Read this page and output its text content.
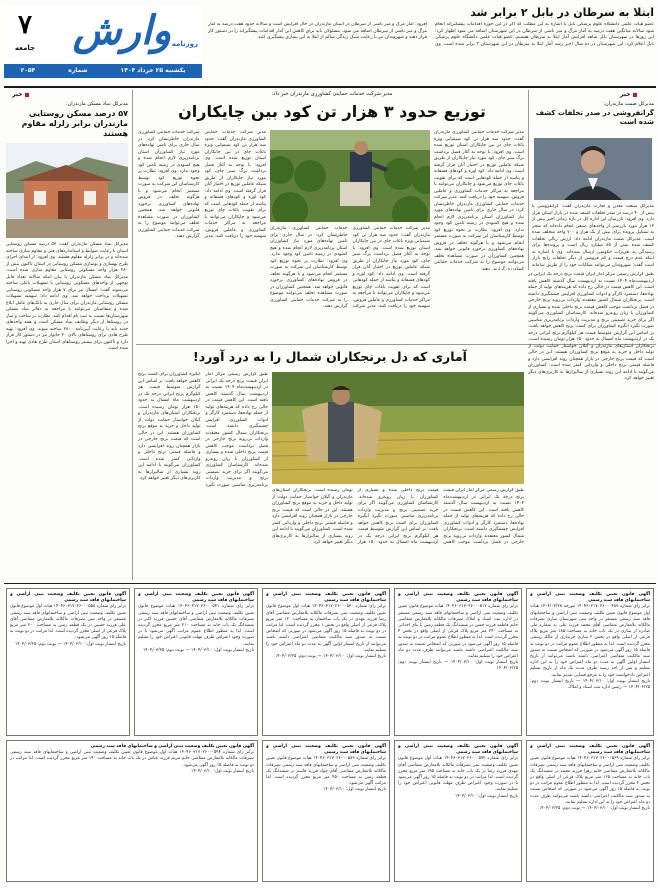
۷
جامعه وارش روزنامه
یکشنبه ۲۵ خرداد ۱۴۰۴
شماره
۲۰۵۴
ابتلا به سرطان در بابل ۲ برابر شد
عضو هیات علمی دانشگاه علوم پزشکی بابل با اشاره به این مطلب که اگر در این حوزه اقدامات پیشگیرانه انجام شود سالانه میانگین هفت درصد به آمار مرگ و میر ناشی از سرطان در این شهرستان اضافه می شود اظهار کرد: این روزها در شهرستان بابل شاهد افزایش آمار ابتلا به سرطان هستیم. عضو هیات علمی دانشگاه علوم پزشکی بابل اعلام کرد: این شهرستان در ده سال اخیر رشد آمار ابتلا به سرطان در این شهرستان ۲ برابر شده است. وی افزود: آمار مرگ و میر ناشی از سرطان در استان مازندران در حال افزایش است و سالانه حدود هفت درصد به آمار مرگ و میر ناشی از سرطان اضافه می شود. مسئولان باید برای کاهش این آمار اقدامات پیشگیرانه را در دستور کار قرار دهند و شهروندان نیز با رعایت سبک زندگی سالم از ابتلا به این بیماری پیشگیری کنند.
خبر
مدیرکل بنیاد مسکن مازندران:
۵۷ درصد مسکن روستایی مازندران برابر زلزله مقاوم هستند
مدیرکل بنیاد مسکن مازندران گفت: ۵۷ درصد مسکن روستایی استان با رعایت ضوابط و استانداردهای فنی و مقاوم سازی ساخته شده‌اند و در برابر زلزله مقاوم هستند. وی افزود: از ابتدای اجرای طرح بهسازی و نوسازی مسکن روستایی در استان تاکنون بیش از ۲۸۰ هزار واحد مسکونی روستایی مقاوم سازی شده است. مدیرکل بنیاد مسکن مازندران با بیان اینکه سالانه تعداد قابل توجهی از واحدهای مسکونی روستایی با تسهیلات بانکی ساخته می‌شوند گفت: امسال نیز برای ۷ هزار واحد مسکونی روستایی تسهیلات پرداخت خواهد شد. وی ادامه داد: سهمیه تسهیلات مسکن روستایی مازندران برای سال جاری به بانک‌های عامل ابلاغ شده و متقاضیان می‌توانند با مراجعه به دفاتر بنیاد مسکن شهرستان‌ها نسبت به ثبت نام اقدام کنند. نظارت بر ساخت و ساز در روستاها از دیگر وظایف بنیاد مسکن است و همه واحدهای جدید باید با رعایت آیین‌نامه ۲۸۰۰ ساخته شوند. وی افزود: تهیه طرح هادی برای روستاهای بالای ۲۰ خانوار نیز در دستور کار قرار دارد و تاکنون برای بیشتر روستاهای استان طرح هادی تهیه و اجرا شده است.
خبر
مدیرکل صمت مازندران:
گرانفروشی در صدر تخلفات کشف شده است
مدیرکل صنعت معدن و تجارت مازندران گفت: گرانفروشی با بیش از ۴۰ درصد در صدر تخلفات کشف شده در بازار استان قرار دارد. وی افزود: بازرسان این اداره کل در بازه زمانی اخیر بیش از ۱۲ هزار مورد بازرسی از واحدهای صنفی انجام داده‌اند که منجر به تشکیل پرونده برای بیش از یک هزار و ۷۰۰ واحد متخلف شده است. مدیرکل صمت مازندران ادامه داد: ارزش ریالی تخلفات کشف شده بیش از ۸۵ میلیارد ریال است و پرونده‌ها برای رسیدگی به تعزیرات حکومتی ارسال شده‌اند. وی با اشاره به اینکه عدم درج قیمت و کم فروشی از دیگر تخلفات رایج بازار است گفت: شهروندان می‌توانند شکایات خود را از طریق سامانه
مدیر شرکت خدمات حمایتی کشاورزی مازندران خبر داد:
توزیع حدود ۳ هزار تن کود بین چایکاران
مدیر شرکت خدمات حمایتی کشاورزی مازندران گفت: حدود سه هزار تن کود شیمیایی ویژه باغات چای در بین چایکاران استان توزیع شده است. وی افزود: با توجه به آغاز فصل برداشت برگ سبز چای، کود مورد نیاز چایکاران از طریق شبکه عاملین توزیع در اختیار آنان قرار گرفته است. وی ادامه داد: کود اوره و کودهای فسفاته و پتاسه از جمله کودهایی است که برای تقویت باغات چای توزیع می‌شود و چایکاران می‌توانند با مراجعه به مراکز خدمات کشاورزی و عاملین فروش، سهمیه خود را دریافت کنند. مدیر شرکت خدمات حمایتی کشاورزی مازندران خاطرنشان کرد: در سال جاری برای تامین نهاده‌های مورد نیاز کشاورزان استان برنامه‌ریزی لازم انجام شده و هیچ کمبودی در زمینه تامین کود وجود ندارد. وی افزود: نظارت بر نحوه توزیع کود توسط کارشناسان این شرکت به صورت مستمر انجام می‌شود و با هرگونه تخلف در فروش نهاده‌های کشاورزی برخورد قانونی خواهد شد. همچنین کشاورزان در صورت مشاهده تخلف می‌توانند موضوع را به شرکت خدمات حمایتی کشاورزی گزارش دهند.
مدیر شرکت خدمات حمایتی کشاورزی مازندران گفت: حدود سه هزار تن کود شیمیایی ویژه باغات چای در بین چایکاران استان توزیع شده است. وی افزود: با توجه به آغاز فصل برداشت برگ سبز چای، کود مورد نیاز چایکاران از طریق شبکه عاملین توزیع در اختیار آنان قرار گرفته است. وی ادامه داد: کود اوره و کودهای فسفاته و پتاسه از جمله کودهایی است که برای تقویت باغات چای توزیع می‌شود و چایکاران می‌توانند با مراجعه به مراکز خدمات کشاورزی و عاملین فروش، سهمیه خود را دریافت کنند. مدیر شرکت خدمات حمایتی کشاورزی مازندران خاطرنشان کرد: در سال جاری برای تامین نهاده‌های مورد نیاز کشاورزان استان برنامه‌ریزی لازم انجام شده و هیچ کمبودی در زمینه تامین کود وجود ندارد. وی افزود: نظارت بر نحوه توزیع کود توسط کارشناسان این شرکت به صورت مستمر انجام می‌شود و با هرگونه تخلف در فروش نهاده‌های کشاورزی برخورد قانونی خواهد شد. همچنین کشاورزان در صورت مشاهده تخلف می‌توانند موضوع را به شرکت خدمات حمایتی کشاورزی گزارش دهند.
مدیر شرکت خدمات حمایتی کشاورزی مازندران گفت: حدود سه هزار تن کود شیمیایی ویژه باغات چای در بین چایکاران استان توزیع شده است. وی افزود: با توجه به آغاز فصل برداشت برگ سبز چای، کود مورد نیاز چایکاران از طریق شبکه عاملین توزیع در اختیار آنان قرار گرفته است. وی ادامه داد: کود اوره و کودهای فسفاته و پتاسه از جمله کودهایی است که برای تقویت باغات چای توزیع می‌شود و چایکاران می‌توانند با مراجعه به مراکز خدمات کشاورزی و عاملین فروش، سهمیه خود را دریافت کنند. مدیر شرکت خدمات حمایتی کشاورزی مازندران خاطرنشان کرد: در سال جاری برای تامین نهاده‌های مورد نیاز کشاورزان استان برنامه‌ریزی لازم انجام شده و هیچ کمبودی در زمینه تامین کود وجود ندارد. وی افزود: نظارت بر نحوه توزیع کود توسط کارشناسان این شرکت به صورت مستمر انجام می‌شود و با هرگونه تخلف در فروش نهاده‌های کشاورزی برخورد قانونی خواهد شد. همچنین کشاورزان در صورت مشاهده تخلف می‌توانند موضوع را به شرکت خدمات حمایتی کشاورزی گزارش دهند.
آماری که دل برنجکاران شمال را به درد آورد!
طبق گزارش رسمی مرکز آمار ایران قیمت برنج درجه یک ایرانی در اردیبهشت‌ماه ۱۴۰۴ نسبت به اردیبهشت سال گذشته کاهش یافته است. این کاهش قیمت در حالی رخ داده که هزینه‌های تولید از جمله نهاده‌ها، دستمزد کارگر و ادوات کشاورزی افزایش چشمگیری داشته است. برنجکاران شمال کشور معتقدند واردات بی‌رویه برنج خارجی در فصل برداشت موجب کاهش قیمت برنج داخلی شده و بسیاری از کشاورزان با زیان روبه‌رو شده‌اند. کارشناسان کشاورزی می‌گویند اگر برای خرید تضمینی برنج و مدیریت واردات برنامه‌ریزی مناسبی صورت نگیرد انگیزه کشاورزان برای کشت برنج کاهش خواهد یافت. بر اساس این گزارش متوسط قیمت هر کیلوگرم برنج ایرانی درجه یک در اردیبهشت ماه امسال به حدود ۱۵۰ هزار تومان رسیده است. برنجکاران استان‌های مازندران و گیلان خواستار حمایت دولت از تولید داخل و خرید به موقع برنج کشاورزان هستند. این در حالی است که قیمت برنج خارجی در بازار همچنان روند افزایشی دارد و فاصله قیمتی برنج داخلی و وارداتی کمتر شده است. کشاورزان می‌گویند با ادامه این روند بسیاری از شالیزارها به کاربری‌های دیگر تغییر خواهد کرد.
طبق گزارش رسمی مرکز آمار ایران قیمت برنج درجه یک ایرانی در اردیبهشت‌ماه ۱۴۰۴ نسبت به اردیبهشت سال گذشته کاهش یافته است. این کاهش قیمت در حالی رخ داده که هزینه‌های تولید از جمله نهاده‌ها، دستمزد کارگر و ادوات کشاورزی افزایش چشمگیری داشته است. برنجکاران شمال کشور معتقدند واردات بی‌رویه برنج خارجی در فصل برداشت موجب کاهش قیمت برنج داخلی شده و بسیاری از کشاورزان با زیان روبه‌رو شده‌اند. کارشناسان کشاورزی می‌گویند اگر برای خرید تضمینی برنج و مدیریت واردات برنامه‌ریزی مناسبی صورت نگیرد انگیزه کشاورزان برای کشت برنج کاهش خواهد یافت. بر اساس این گزارش متوسط قیمت هر کیلوگرم برنج ایرانی درجه یک در اردیبهشت ماه امسال به حدود ۱۵۰ هزار تومان رسیده است. برنجکاران استان‌های مازندران و گیلان خواستار حمایت دولت از تولید داخل و خرید به موقع برنج کشاورزان هستند. این در حالی است که قیمت برنج خارجی در بازار همچنان روند افزایشی دارد و فاصله قیمتی برنج داخلی و وارداتی کمتر شده است. کشاورزان می‌گویند با ادامه این روند بسیاری از شالیزارها به کاربری‌های دیگر تغییر خواهد کرد.
طبق گزارش رسمی مرکز آمار ایران قیمت برنج درجه یک ایرانی در اردیبهشت‌ماه ۱۴۰۴ نسبت به اردیبهشت سال گذشته کاهش یافته است. این کاهش قیمت در حالی رخ داده که هزینه‌های تولید از جمله نهاده‌ها، دستمزد کارگر و ادوات کشاورزی افزایش چشمگیری داشته است. برنجکاران شمال کشور معتقدند واردات بی‌رویه برنج خارجی در فصل برداشت موجب کاهش قیمت برنج داخلی شده و بسیاری از کشاورزان با زیان روبه‌رو شده‌اند. کارشناسان کشاورزی می‌گویند اگر برای خرید تضمینی برنج و مدیریت واردات برنامه‌ریزی مناسبی صورت نگیرد انگیزه کشاورزان برای کشت برنج کاهش خواهد یافت. بر اساس این گزارش متوسط قیمت هر کیلوگرم برنج ایرانی درجه یک در اردیبهشت ماه امسال به حدود ۱۵۰ هزار تومان رسیده است. برنجکاران استان‌های مازندران و گیلان خواستار حمایت دولت از تولید داخل و خرید به موقع برنج کشاورزان هستند. این در حالی است که قیمت برنج خارجی در بازار همچنان روند افزایشی دارد و فاصله قیمتی برنج داخلی و وارداتی کمتر شده است. کشاورزان می‌گویند با ادامه این روند بسیاری از شالیزارها به کاربری‌های دیگر تغییر خواهد کرد.
آگهی قانون تعیین تکلیف وضعیت ثبتی اراضی و ساختمانهای فاقد سند رسمی
برابر رای شماره ۱۴۰۴۶۰۳۱۷۰۲۶۰۰۰۴۸۷ مورخه ۱۴۰۴/۰۲/۲۸ هیات اول موضوع قانون تعیین تکلیف وضعیت ثبتی اراضی و ساختمانهای فاقد سند رسمی مستقر در واحد ثبتی شهرستان ساری تصرفات مالکانه بلامعارض متقاضی آقای محمد فرزند علی به شماره ملی صادره از ساری در یک باب خانه به مساحت ۱۸۵ متر مربع پلاک فرعی از اصلی واقع در بخش ۲ ساری خریداری از مالک رسمی محرز گردیده است. لذا به منظور اطلاع عموم مراتب در دو نوبت به فاصله ۱۵ روز آگهی می‌شود در صورتی که اشخاص نسبت به صدور سند مالکیت متقاضی اعتراضی داشته باشند می‌توانند از تاریخ انتشار اولین آگهی به مدت دو ماه اعتراض خود را به این اداره تسلیم و پس از اخذ رسید ظرف مدت یک ماه از تاریخ تسلیم اعتراض دادخواست خود را به مرجع قضایی تقدیم نمایند.
تاریخ انتشار نوبت اول: ۱۴۰۴/۰۳/۱۰ — تاریخ انتشار نوبت دوم: ۱۴۰۴/۰۳/۲۵ — رئیس اداره ثبت اسناد و املاک
آگهی قانون تعیین تکلیف وضعیت ثبتی اراضی و ساختمانهای فاقد سند رسمی
برابر رای شماره ۱۴۰۴۶۰۳۱۷۰۲۶۰۰۰۵۱۲ هیات موضوع قانون تعیین تکلیف وضعیت ثبتی اراضی و ساختمانهای فاقد سند رسمی مستقر در اداره ثبت اسناد و املاک تصرفات مالکانه بلامعارض متقاضی خانم فاطمه فرزند حسن در ششدانگ یک قطعه زمین با بنای احداثی به مساحت ۲۴۰ متر مربع پلاک فرعی از اصلی واقع در بخش ۴ محرز گردیده است. لذا به منظور اطلاع عموم مراتب در دو نوبت به فاصله ۱۵ روز آگهی می‌شود در صورتی که اشخاص نسبت به صدور سند مالکیت اعتراضی داشته باشند می‌توانند ظرف مدت دو ماه اعتراض خود را تسلیم نمایند.
تاریخ انتشار نوبت اول: ۱۴۰۴/۰۳/۱۰ — تاریخ انتشار نوبت دوم: ۱۴۰۴/۰۳/۲۵
آگهی قانون تعیین تکلیف وضعیت ثبتی اراضی و ساختمانهای فاقد سند رسمی
برابر رای شماره ۱۴۰۴۶۰۳۱۷۰۲۶۰۰۰۵۳۰ هیات اول موضوع قانون تعیین تکلیف وضعیت ثبتی تصرفات مالکانه بلامعارض متقاضی آقای رضا فرزند مهدی در یک باب ساختمان به مساحت ۱۲۰ متر مربع پلاک فرعی از اصلی واقع در بخش ۱ محرز گردیده است. لذا مراتب در دو نوبت به فاصله ۱۵ روز آگهی می‌شود در صورتی که اشخاص نسبت به صدور سند مالکیت متقاضی اعتراضی داشته باشند می‌توانند از تاریخ انتشار اولین آگهی به مدت دو ماه اعتراض خود را تسلیم نمایند.
تاریخ انتشار نوبت اول: ۱۴۰۴/۰۳/۱۰ — نوبت دوم: ۱۴۰۴/۰۳/۲۵
آگهی قانون تعیین تکلیف وضعیت ثبتی اراضی و ساختمانهای فاقد سند رسمی
برابر رای شماره ۱۴۰۴۶۰۳۱۷۰۲۶۰۰۰۵۴۱ هیات موضوع قانون تعیین تکلیف وضعیت ثبتی اراضی و ساختمانهای فاقد سند رسمی تصرفات مالکانه بلامعارض متقاضی آقای حسین فرزند اکبر در ششدانگ یک باب خانه به مساحت ۲۱۰ متر مربع محرز گردیده است. لذا به منظور اطلاع عموم مراتب آگهی می‌شود تا در صورت وجود اعتراض ظرف مهلت قانونی اعتراض خود را تسلیم نمایند.
تاریخ انتشار نوبت اول: ۱۴۰۴/۰۳/۱۰ — نوبت دوم: ۱۴۰۴/۰۳/۲۵
آگهی قانون تعیین تکلیف وضعیت ثبتی اراضی و ساختمانهای فاقد سند رسمی
برابر رای شماره ۱۴۰۴۶۰۳۱۷۰۲۶۰۰۰۵۵۸ هیات اول موضوع قانون تعیین تکلیف وضعیت ثبتی اراضی و ساختمانهای فاقد سند رسمی مستقر در واحد ثبتی تصرفات مالکانه بلامعارض متقاضی آقای علی فرزند حسین در یک قطعه زمین به مساحت ۳۰۰ متر مربع پلاک فرعی از اصلی محرز گردیده است. لذا مراتب در دو نوبت به فاصله ۱۵ روز آگهی می‌شود.
تاریخ انتشار نوبت اول: ۱۴۰۴/۰۳/۱۰ — نوبت دوم: ۱۴۰۴/۰۳/۲۵
آگهی قانون تعیین تکلیف وضعیت ثبتی اراضی و ساختمانهای فاقد سند رسمی
برابر رای شماره ۱۴۰۴۶۰۳۱۷۰۲۶۰۰۰۵۶۹ هیات موضوع قانون تعیین تکلیف وضعیت ثبتی اراضی و ساختمانهای فاقد سند رسمی تصرفات مالکانه بلامعارض متقاضی خانم زهرا فرزند محمد در ششدانگ یک باب خانه به مساحت ۱۶۵ متر مربع پلاک فرعی از اصلی واقع در بخش ۲ محرز گردیده است. لذا به منظور اطلاع عموم مراتب در دو نوبت به فاصله ۱۵ روز آگهی می‌شود در صورتی که اشخاص نسبت به صدور سند مالکیت اعتراضی داشته باشند می‌توانند ظرف مدت دو ماه اعتراض خود را به این اداره تسلیم نمایند.
تاریخ انتشار نوبت اول: ۱۴۰۴/۰۳/۱۰ — نوبت دوم: ۱۴۰۴/۰۳/۲۵
آگهی قانون تعیین تکلیف وضعیت ثبتی اراضی و ساختمانهای فاقد سند رسمی
برابر رای شماره ۱۴۰۴۶۰۳۱۷۰۲۶۰۰۰۵۷۲ هیات اول موضوع قانون تعیین تکلیف وضعیت ثبتی تصرفات مالکانه بلامعارض متقاضی آقای مهدی فرزند رضا در یک باب خانه به مساحت ۱۹۵ متر مربع محرز گردیده است. لذا مراتب در دو نوبت به فاصله ۱۵ روز آگهی می‌شود تا در صورت وجود اعتراض ظرف مهلت قانونی اعتراض خود را تسلیم نمایند.
تاریخ انتشار نوبت اول: ۱۴۰۴/۰۳/۱۰
آگهی قانون تعیین تکلیف وضعیت ثبتی اراضی و ساختمانهای فاقد سند رسمی
برابر رای شماره ۱۴۰۴۶۰۳۱۷۰۲۶۰۰۰۵۸۳ هیات موضوع قانون تعیین تکلیف وضعیت ثبتی اراضی و ساختمانهای فاقد سند رسمی تصرفات مالکانه بلامعارض متقاضی آقای جواد فرزند قاسم در ششدانگ یک قطعه زمین به مساحت ۴۵۰ متر مربع محرز گردیده است. لذا مراتب آگهی می‌شود.
تاریخ انتشار نوبت اول: ۱۴۰۴/۰۳/۱۰
آگهی قانون تعیین تکلیف وضعیت ثبتی اراضی و ساختمانهای فاقد سند رسمی
برابر رای شماره ۱۴۰۴۶۰۳۱۷۰۲۶۰۰۰۵۹۴ هیات اول موضوع قانون تعیین تکلیف وضعیت ثبتی اراضی و ساختمانهای فاقد سند رسمی تصرفات مالکانه بلامعارض متقاضی خانم مریم فرزند عباس در یک باب خانه به مساحت ۱۴۰ متر مربع محرز گردیده است. لذا مراتب در دو نوبت به فاصله ۱۵ روز آگهی می‌شود.
تاریخ انتشار نوبت اول: ۱۴۰۴/۰۳/۱۰
